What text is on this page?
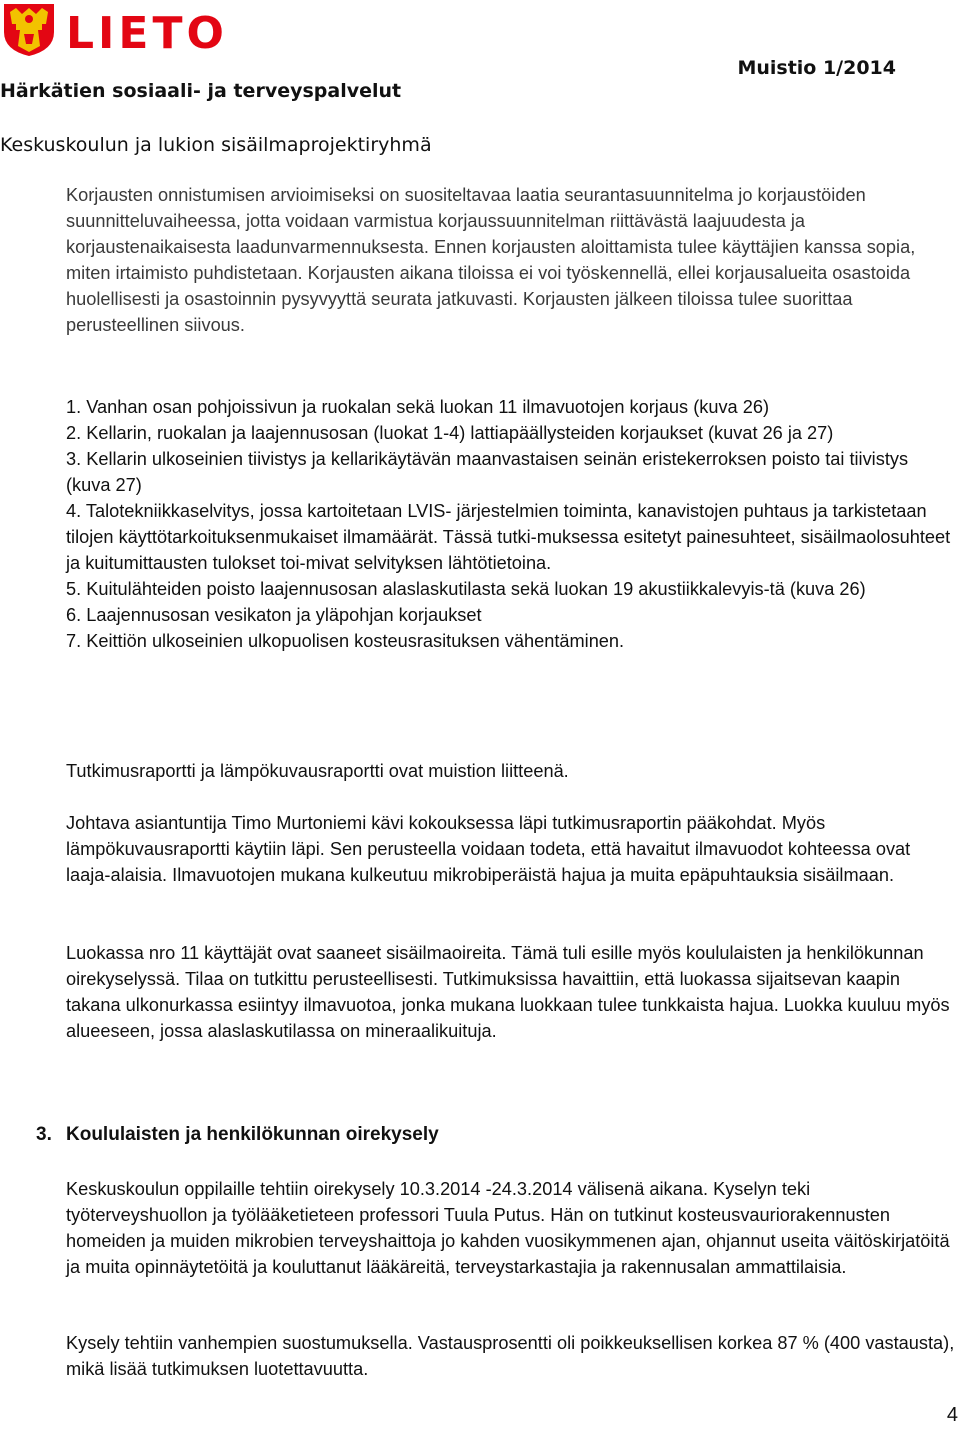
LIETO
Härkätien sosiaali- ja terveyspalvelut
Muistio 1/2014
Keskuskoulun ja lukion sisäilmaprojektiryhmä

Korjausten onnistumisen arvioimiseksi on suositeltavaa laatia seurantasuunnitelma jo korjaustöiden suunnitteluvaiheessa, jotta voidaan varmistua korjaussuunnitelman riittävästä laajuudesta ja korjaustenaikaisesta laadunvarmennuksesta. Ennen korjausten aloittamista tulee käyttäjien kanssa sopia, miten irtaimisto puhdistetaan. Korjausten aikana tiloissa ei voi työskennellä, ellei korjausalueita osastoida huolellisesti ja osastoinnin pysyvyyttä seurata jatkuvasti. Korjausten jälkeen tiloissa tulee suorittaa perusteellinen siivous.

1. Vanhan osan pohjoissivun ja ruokalan sekä luokan 11 ilmavuotojen korjaus (kuva 26)

2. Kellarin, ruokalan ja laajennusosan (luokat 1-4) lattiapäällysteiden korjaukset (kuvat 26 ja 27)

3. Kellarin ulkoseinien tiivistys ja kellarikäytävän maanvastaisen seinän eristekerroksen poisto tai tiivistys (kuva 27)

4. Talotekniikkaselvitys, jossa kartoitetaan LVIS- järjestelmien toiminta, kanavistojen puhtaus ja tarkistetaan tilojen käyttötarkoituksenmukaiset ilmamäärät. Tässä tutki-muksessa esitetyt painesuhteet, sisäilmaolosuhteet ja kuitumittausten tulokset toi-mivat selvityksen lähtötietoina.

5. Kuitulähteiden poisto laajennusosan alaslaskutilasta sekä luokan 19 akustiikkalevyis-tä (kuva 26)

6. Laajennusosan vesikaton ja yläpohjan korjaukset

7. Keittiön ulkoseinien ulkopuolisen kosteusrasituksen vähentäminen.

Tutkimusraportti ja lämpökuvausraportti ovat muistion liitteenä.

Johtava asiantuntija Timo Murtoniemi kävi kokouksessa läpi tutkimusraportin pääkohdat. Myös lämpökuvausraportti käytiin läpi. Sen perusteella voidaan todeta, että havaitut ilmavuodot kohteessa ovat laaja-alaisia. Ilmavuotojen mukana kulkeutuu mikrobiperäistä hajua ja muita epäpuhtauksia sisäilmaan.

Luokassa nro 11 käyttäjät ovat saaneet sisäilmaoireita. Tämä tuli esille myös koululaisten ja henkilökunnan oirekyselyssä. Tilaa on tutkittu perusteellisesti. Tutkimuksissa havaittiin, että luokassa sijaitsevan kaapin takana ulkonurkassa esiintyy ilmavuotoa, jonka mukana luokkaan tulee tunkkaista hajua. Luokka kuuluu myös alueeseen, jossa alaslaskutilassa on mineraalikuituja.

3. Koululaisten ja henkilökunnan oirekysely

Keskuskoulun oppilaille tehtiin oirekysely 10.3.2014 -24.3.2014 välisenä aikana. Kyselyn teki työterveyshuollon ja työlääketieteen professori Tuula Putus. Hän on tutkinut kosteusvauriorakennusten homeiden ja muiden mikrobien terveyshaittoja jo kahden vuosikymmenen ajan, ohjannut useita väitöskirjatöitä ja muita opinnäytetöitä ja kouluttanut lääkäreitä, terveystarkastajia ja rakennusalan ammattilaisia.

Kysely tehtiin vanhempien suostumuksella. Vastausprosentti oli poikkeuksellisen korkea 87 % (400 vastausta), mikä lisää tutkimuksen luotettavuutta.

4
